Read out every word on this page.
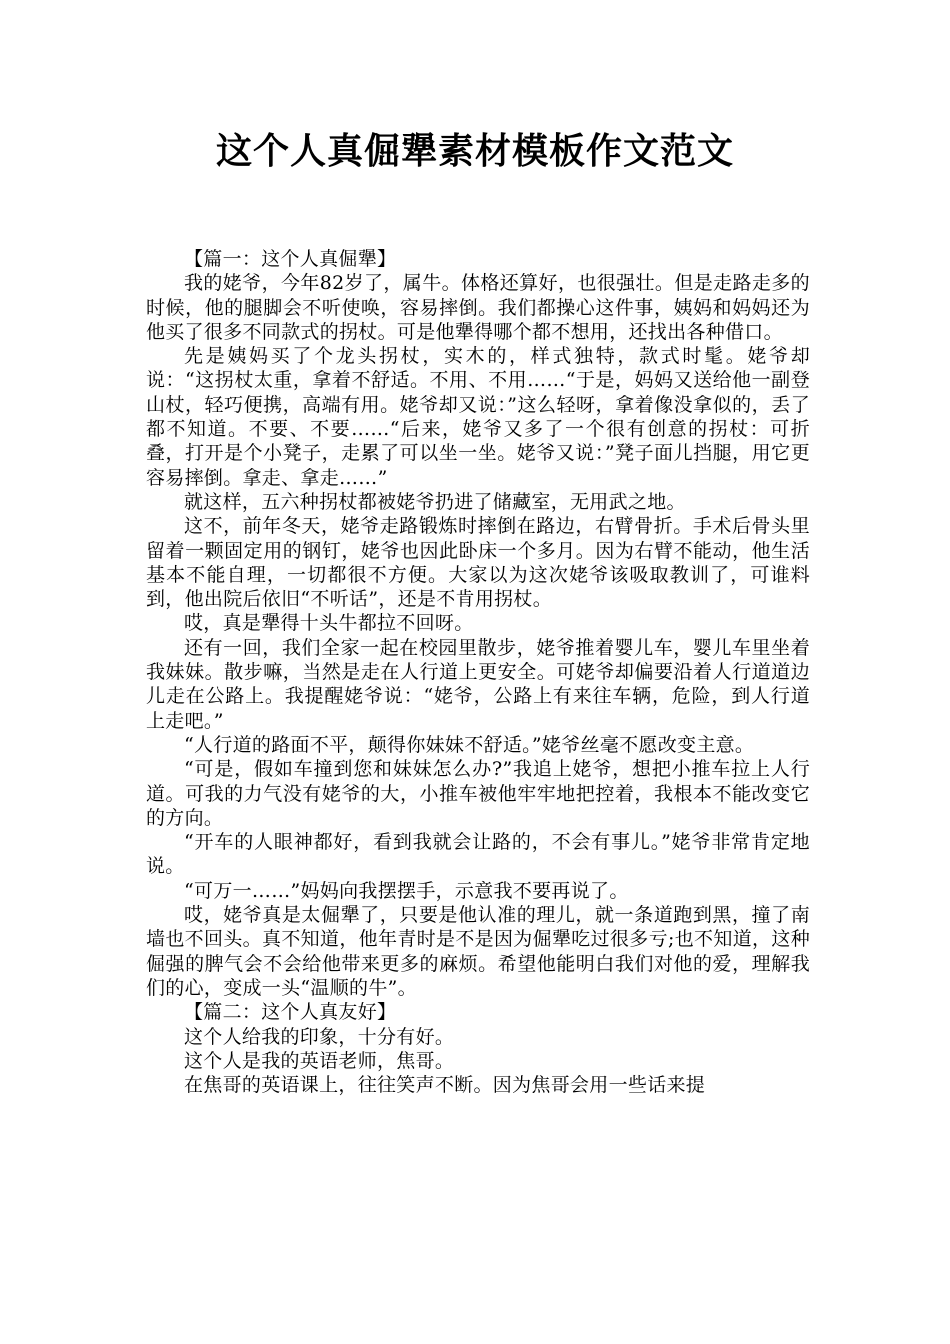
这个人真倔犟素材模板作文范文

【篇一：这个人真倔犟】

我的姥爷，今年82岁了，属牛。体格还算好，也很强壮。但是走路走多的时候，他的腿脚会不听使唤，容易摔倒。我们都操心这件事，姨妈和妈妈还为他买了很多不同款式的拐杖。可是他犟得哪个都不想用，还找出各种借口。

先是姨妈买了个龙头拐杖，实木的，样式独特，款式时髦。姥爷却说：“这拐杖太重，拿着不舒适。不用、不用……“于是，妈妈又送给他一副登山杖，轻巧便携，高端有用。姥爷却又说：”这么轻呀，拿着像没拿似的，丢了都不知道。不要、不要……“后来，姥爷又多了一个很有创意的拐杖：可折叠，打开是个小凳子，走累了可以坐一坐。姥爷又说：”凳子面儿挡腿，用它更容易摔倒。拿走、拿走……”

就这样，五六种拐杖都被姥爷扔进了储藏室，无用武之地。

这不，前年冬天，姥爷走路锻炼时摔倒在路边，右臂骨折。手术后骨头里留着一颗固定用的钢钉，姥爷也因此卧床一个多月。因为右臂不能动，他生活基本不能自理，一切都很不方便。大家以为这次姥爷该吸取教训了，可谁料到，他出院后依旧“不听话”，还是不肯用拐杖。

哎，真是犟得十头牛都拉不回呀。

还有一回，我们全家一起在校园里散步，姥爷推着婴儿车，婴儿车里坐着我妹妹。散步嘛，当然是走在人行道上更安全。可姥爷却偏要沿着人行道道边儿走在公路上。我提醒姥爷说：“姥爷，公路上有来往车辆，危险，到人行道上走吧。”

“人行道的路面不平，颠得你妹妹不舒适。”姥爷丝毫不愿改变主意。

“可是，假如车撞到您和妹妹怎么办?”我追上姥爷，想把小推车拉上人行道。可我的力气没有姥爷的大，小推车被他牢牢地把控着，我根本不能改变它的方向。

“开车的人眼神都好，看到我就会让路的，不会有事儿。”姥爷非常肯定地说。

“可万一……”妈妈向我摆摆手，示意我不要再说了。

哎，姥爷真是太倔犟了，只要是他认准的理儿，就一条道跑到黑，撞了南墙也不回头。真不知道，他年青时是不是因为倔犟吃过很多亏;也不知道，这种倔强的脾气会不会给他带来更多的麻烦。希望他能明白我们对他的爱，理解我们的心，变成一头“温顺的牛”。

【篇二：这个人真友好】

这个人给我的印象，十分有好。

这个人是我的英语老师，焦哥。

在焦哥的英语课上，往往笑声不断。因为焦哥会用一些话来提
